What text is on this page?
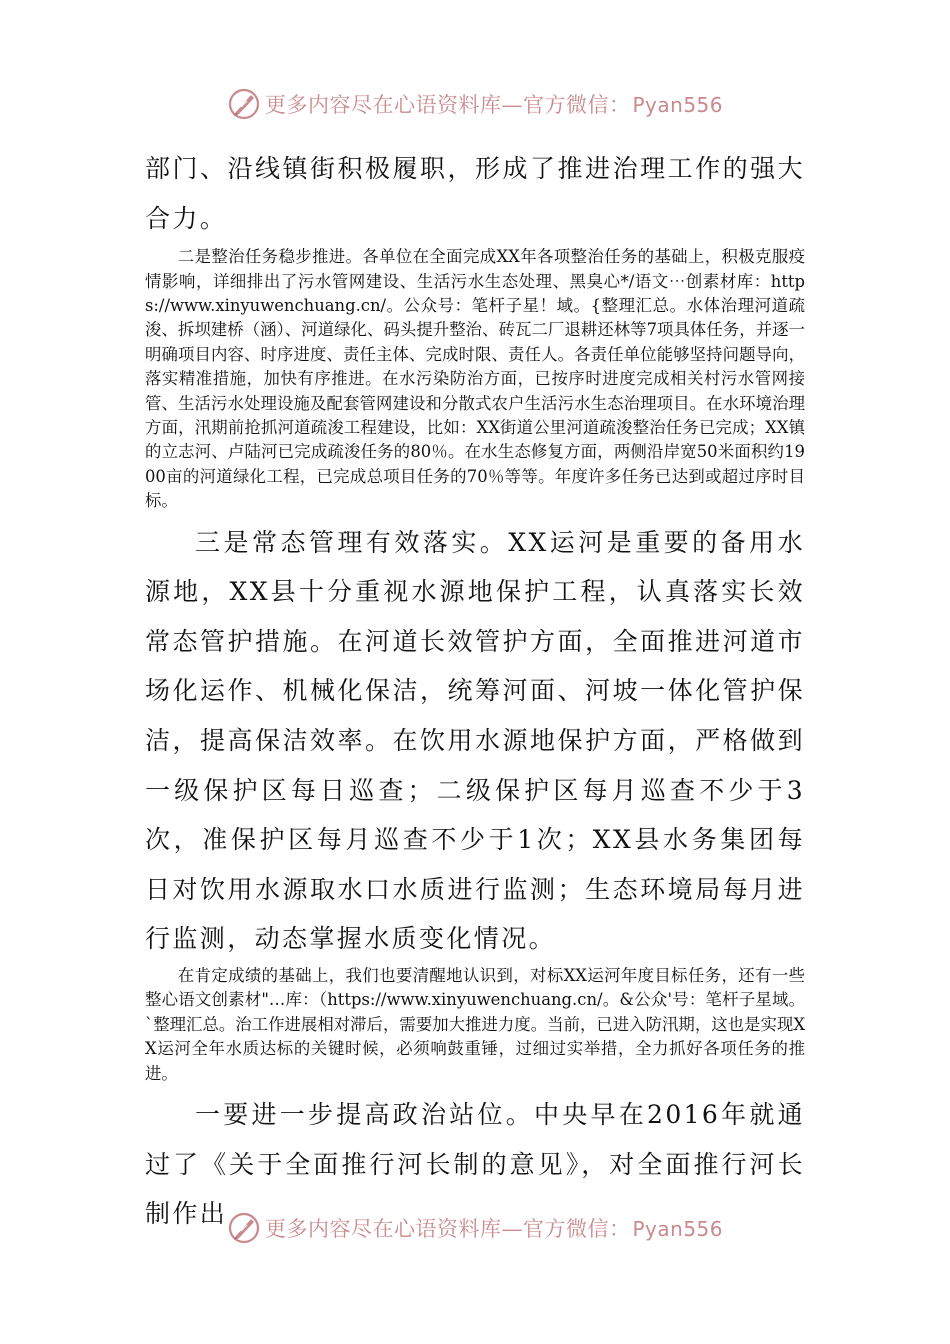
更多内容尽在心语资料库—官方微信： Pyan556

部门、沿线镇街积极履职，形成了推进治理工作的强大合力。

二是整治任务稳步推进。各单位在全面完成XX年各项整治任务的基础上，积极克服疫情影响，详细排出了污水管网建设、生活污水生态处理、黑臭心*/语文⋯创素材库：https://www.xinyuwenchuang.cn/。公众号：笔杆子星！域。{整理汇总。水体治理河道疏浚、拆坝建桥（涵）、河道绿化、码头提升整治、砖瓦二厂退耕还林等7项具体任务，并逐一明确项目内容、时序进度、责任主体、完成时限、责任人。各责任单位能够坚持问题导向，落实精准措施，加快有序推进。在水污染防治方面，已按序时进度完成相关村污水管网接管、生活污水处理设施及配套管网建设和分散式农户生活污水生态治理项目。在水环境治理方面，汛期前抢抓河道疏浚工程建设，比如：XX街道公里河道疏浚整治任务已完成；XX镇的立志河、卢陆河已完成疏浚任务的80％。在水生态修复方面，两侧沿岸宽50米面积约1900亩的河道绿化工程，已完成总项目任务的70％等等。年度许多任务已达到或超过序时目标。

三是常态管理有效落实。XX运河是重要的备用水源地，XX县十分重视水源地保护工程，认真落实长效常态管护措施。在河道长效管护方面，全面推进河道市场化运作、机械化保洁，统筹河面、河坡一体化管护保洁，提高保洁效率。在饮用水源地保护方面，严格做到一级保护区每日巡查；二级保护区每月巡查不少于3次，准保护区每月巡查不少于1次；XX县水务集团每日对饮用水源取水口水质进行监测；生态环境局每月进行监测，动态掌握水质变化情况。

在肯定成绩的基础上，我们也要清醒地认识到，对标XX运河年度目标任务，还有一些整心语文创素材"…库：（https://www.xinyuwenchuang.cn/。&公众'号：笔杆子星域。`整理汇总。治工作进展相对滞后，需要加大推进力度。当前，已进入防汛期，这也是实现XX运河全年水质达标的关键时候，必须响鼓重锤，过细过实举措，全力抓好各项任务的推进。

一要进一步提高政治站位。中央早在2016年就通过了《关于全面推行河长制的意见》，对全面推行河长制作出

更多内容尽在心语资料库—官方微信： Pyan556
